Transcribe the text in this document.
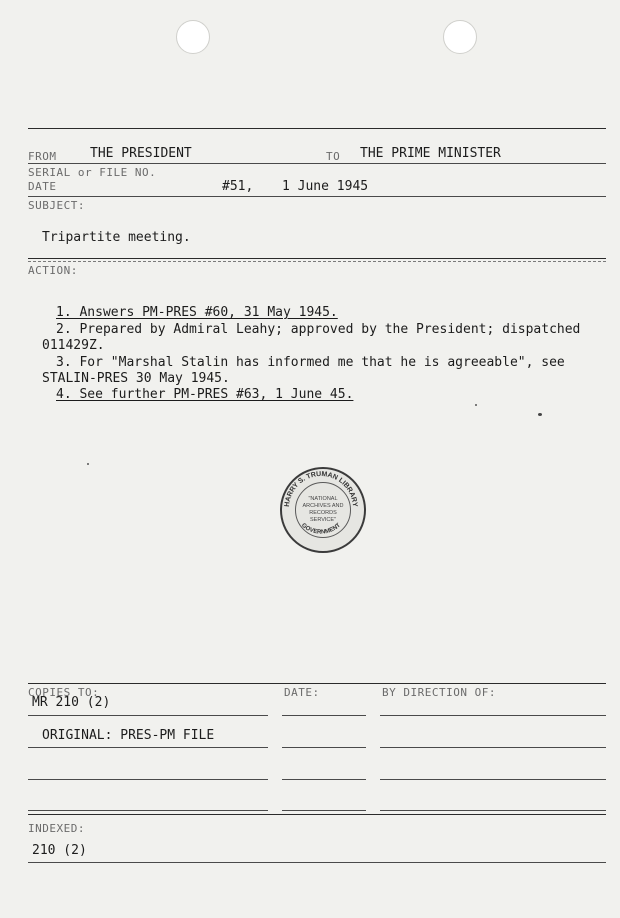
FROM	THE PRESIDENT	TO THE PRIME MINISTER
SERIAL or FILE NO.
DATE	#51, 1 June 1945
SUBJECT:
Tripartite meeting.
ACTION:
1. Answers PM-PRES #60, 31 May 1945.
2. Prepared by Admiral Leahy; approved by the President; dispatched
011429Z.
3. For "Marshal Stalin has informed me that he is agreeable", see
STALIN-PRES 30 May 1945.
4. See further PM-PRES #63, 1 June 45.
"NATIONAL
ARCHIVES AND
RECORDS
SERVICE"
HARRY S. TRUMAN LIBRARY
GOVERNMENT
COPIES TO:
MR 210 (2)
DATE:	BY DIRECTION OF:
ORIGINAL: PRES-PM FILE
INDEXED:
210 (2)
